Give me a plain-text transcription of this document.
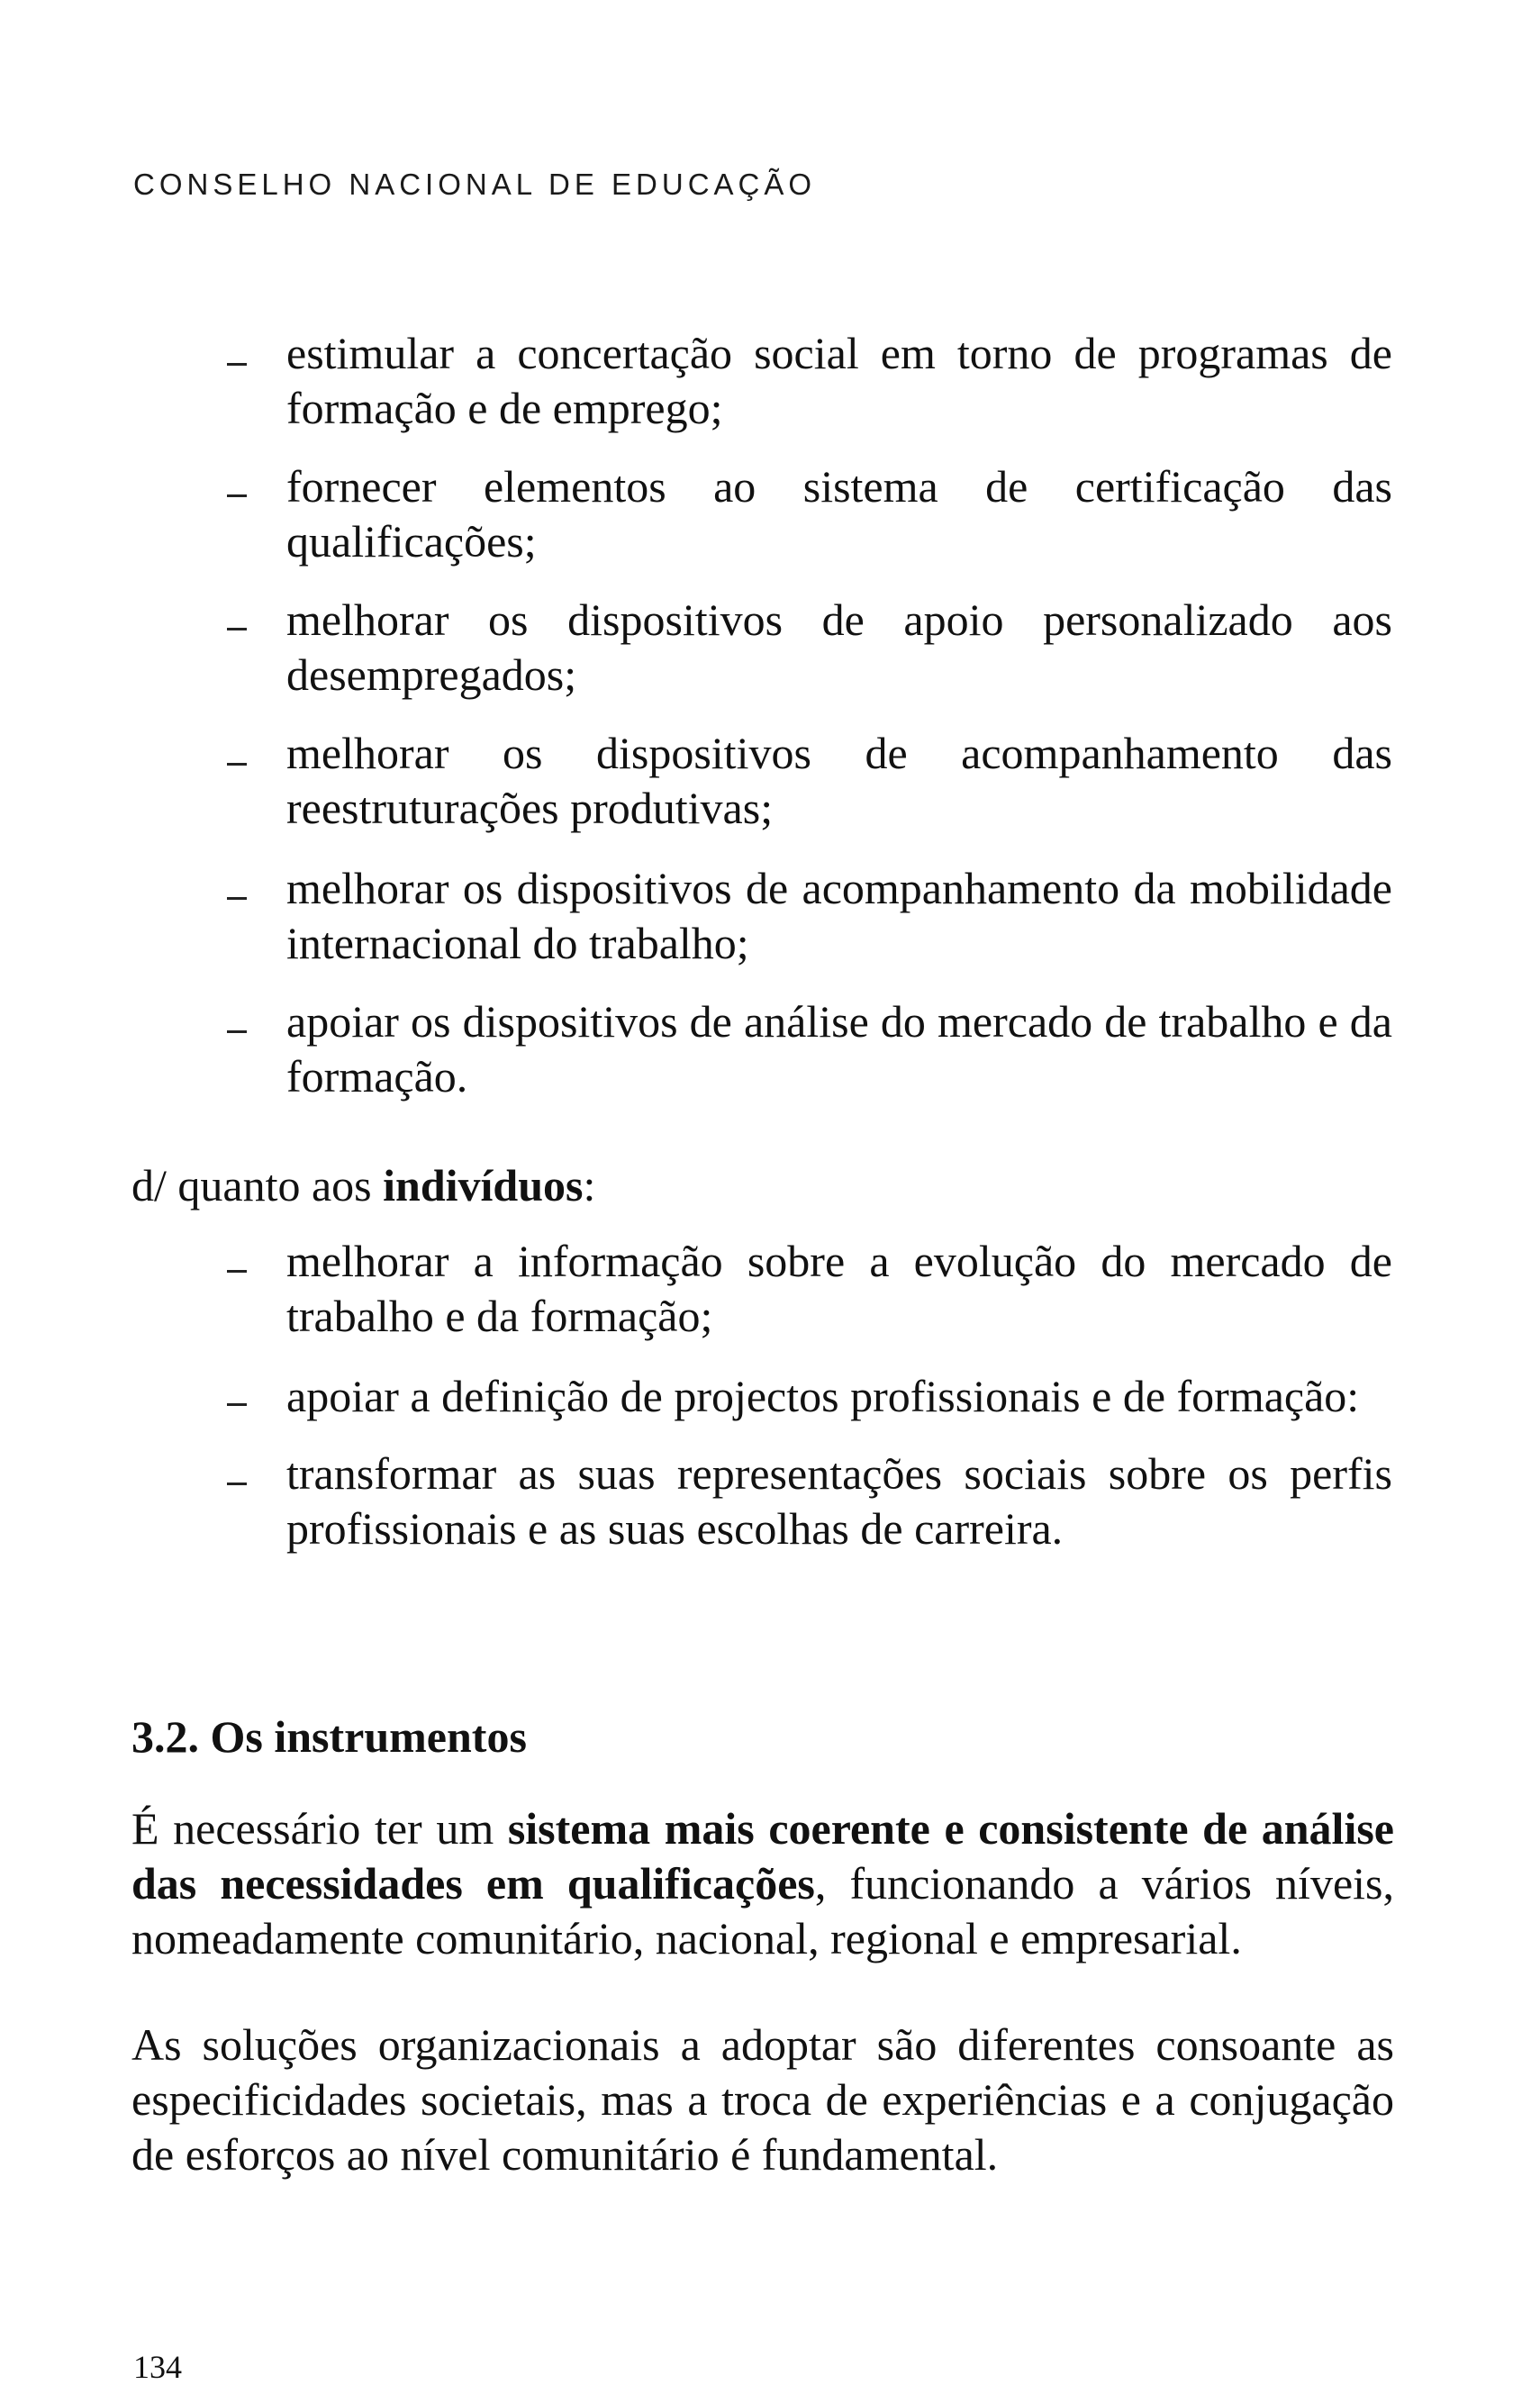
CONSELHO NACIONAL DE EDUCAÇÃO
estimular a concertação social em torno de programas de formação e de emprego;
fornecer elementos ao sistema de certificação das qualificações;
melhorar os dispositivos de apoio personalizado aos desempregados;
melhorar os dispositivos de acompanhamento das reestruturações produtivas;
melhorar os dispositivos de acompanhamento da mobilidade internacional do trabalho;
apoiar os dispositivos de análise do mercado de trabalho e da formação.
d/ quanto aos indivíduos:
melhorar a informação sobre a evolução do mercado de trabalho e da formação;
apoiar a definição de projectos profissionais e de formação:
transformar as suas representações sociais sobre os perfis profissionais e as suas escolhas de carreira.
3.2. Os instrumentos
É necessário ter um sistema mais coerente e consistente de análise das necessidades em qualificações, funcionando a vários níveis, nomeadamente comunitário, nacional, regional e empresarial.
As soluções organizacionais a adoptar são diferentes consoante as especificidades societais, mas a troca de experiências e a conjugação de esforços ao nível comunitário é fundamental.
134
